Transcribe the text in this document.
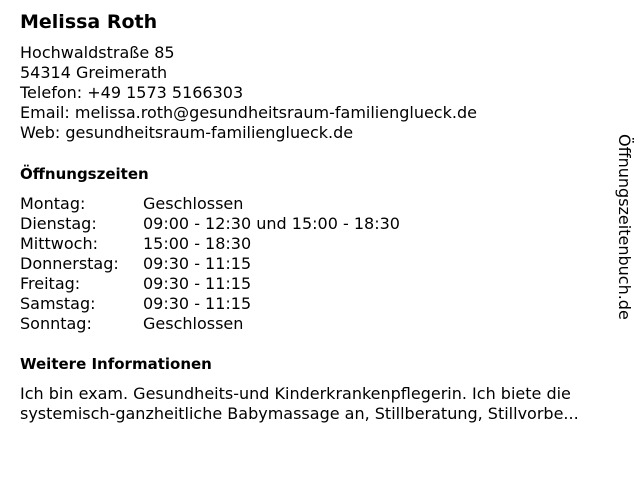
Melissa Roth
Hochwaldstraße 85
54314 Greimerath
Telefon: +49 1573 5166303
Email: melissa.roth@gesundheitsraum-familienglueck.de
Web: gesundheitsraum-familienglueck.de
Öffnungszeiten
Montag:	Geschlossen
Dienstag:	09:00 - 12:30 und 15:00 - 18:30
Mittwoch:	15:00 - 18:30
Donnerstag: 09:30 - 11:15
Freitag:	09:30 - 11:15
Samstag:	09:30 - 11:15
Sonntag:	Geschlossen
Weitere Informationen
Ich bin exam. Gesundheits-und Kinderkrankenpflegerin. Ich biete die
systemisch-ganzheitliche Babymassage an, Stillberatung, Stillvorbe...
Öffnungszeitenbuch.de
